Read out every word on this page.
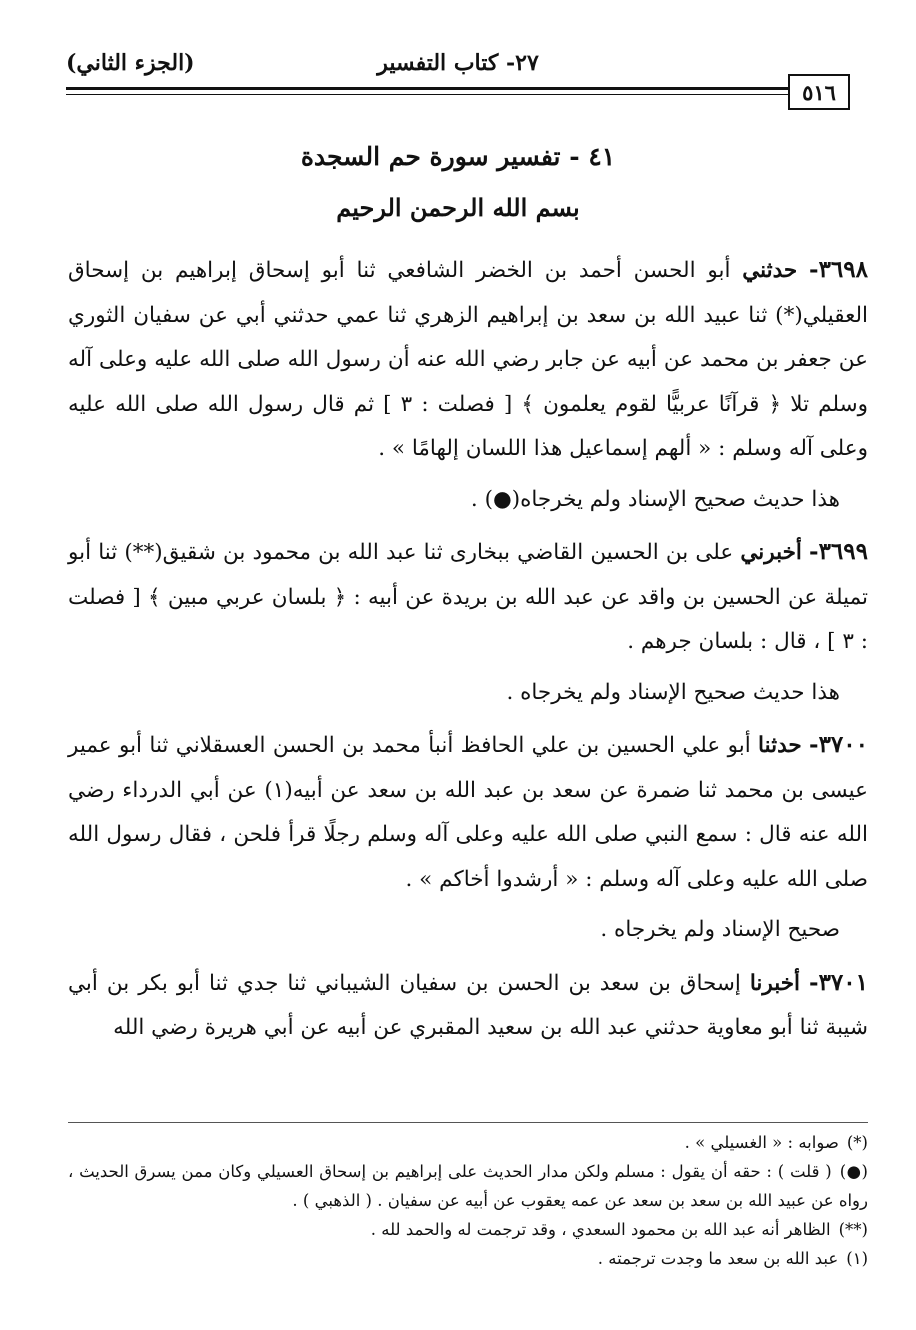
٢٧- كتاب التفسير
(الجزء الثاني)
٥١٦
٤١ - تفسير سورة حم السجدة
بسم الله الرحمن الرحيم

٣٦٩٨- حدثني أبو الحسن أحمد بن الخضر الشافعي ثنا أبو إسحاق إبراهيم بن إسحاق العقيلي(*) ثنا عبيد الله بن سعد بن إبراهيم الزهري ثنا عمي حدثني أبي عن سفيان الثوري عن جعفر بن محمد عن أبيه عن جابر رضي الله عنه أن رسول الله صلى الله عليه وعلى آله وسلم تلا ﴿ قرآنًا عربيًّا لقوم يعلمون ﴾ [ فصلت : ٣ ] ثم قال رسول الله صلى الله عليه وعلى آله وسلم : « ألهم إسماعيل هذا اللسان إلهامًا » .

هذا حديث صحيح الإسناد ولم يخرجاه(●) .

٣٦٩٩- أخبرني على بن الحسين القاضي ببخارى ثنا عبد الله بن محمود بن شقيق(**) ثنا أبو تميلة عن الحسين بن واقد عن عبد الله بن بريدة عن أبيه : ﴿ بلسان عربي مبين ﴾ [ فصلت : ٣ ] ، قال : بلسان جرهم .

هذا حديث صحيح الإسناد ولم يخرجاه .

٣٧٠٠- حدثنا أبو علي الحسين بن علي الحافظ أنبأ محمد بن الحسن العسقلاني ثنا أبو عمير عيسى بن محمد ثنا ضمرة عن سعد بن عبد الله بن سعد عن أبيه(١) عن أبي الدرداء رضي الله عنه قال : سمع النبي صلى الله عليه وعلى آله وسلم رجلًا قرأ فلحن ، فقال رسول الله صلى الله عليه وعلى آله وسلم : « أرشدوا أخاكم » .

صحيح الإسناد ولم يخرجاه .

٣٧٠١- أخبرنا إسحاق بن سعد بن الحسن بن سفيان الشيباني ثنا جدي ثنا أبو بكر بن أبي شيبة ثنا أبو معاوية حدثني عبد الله بن سعيد المقبري عن أبيه عن أبي هريرة رضي الله

(*)صوابه : « الغسيلي » .

(●)( قلت ) : حقه أن يقول : مسلم ولكن مدار الحديث على إبراهيم بن إسحاق العسيلي وكان ممن يسرق الحديث ، رواه عن عبيد الله بن سعد بن سعد عن عمه يعقوب عن أبيه عن سفيان . ( الذهبي ) .

(**)الظاهر أنه عبد الله بن محمود السعدي ، وقد ترجمت له والحمد لله .

(١)عبد الله بن سعد ما وجدت ترجمته .
